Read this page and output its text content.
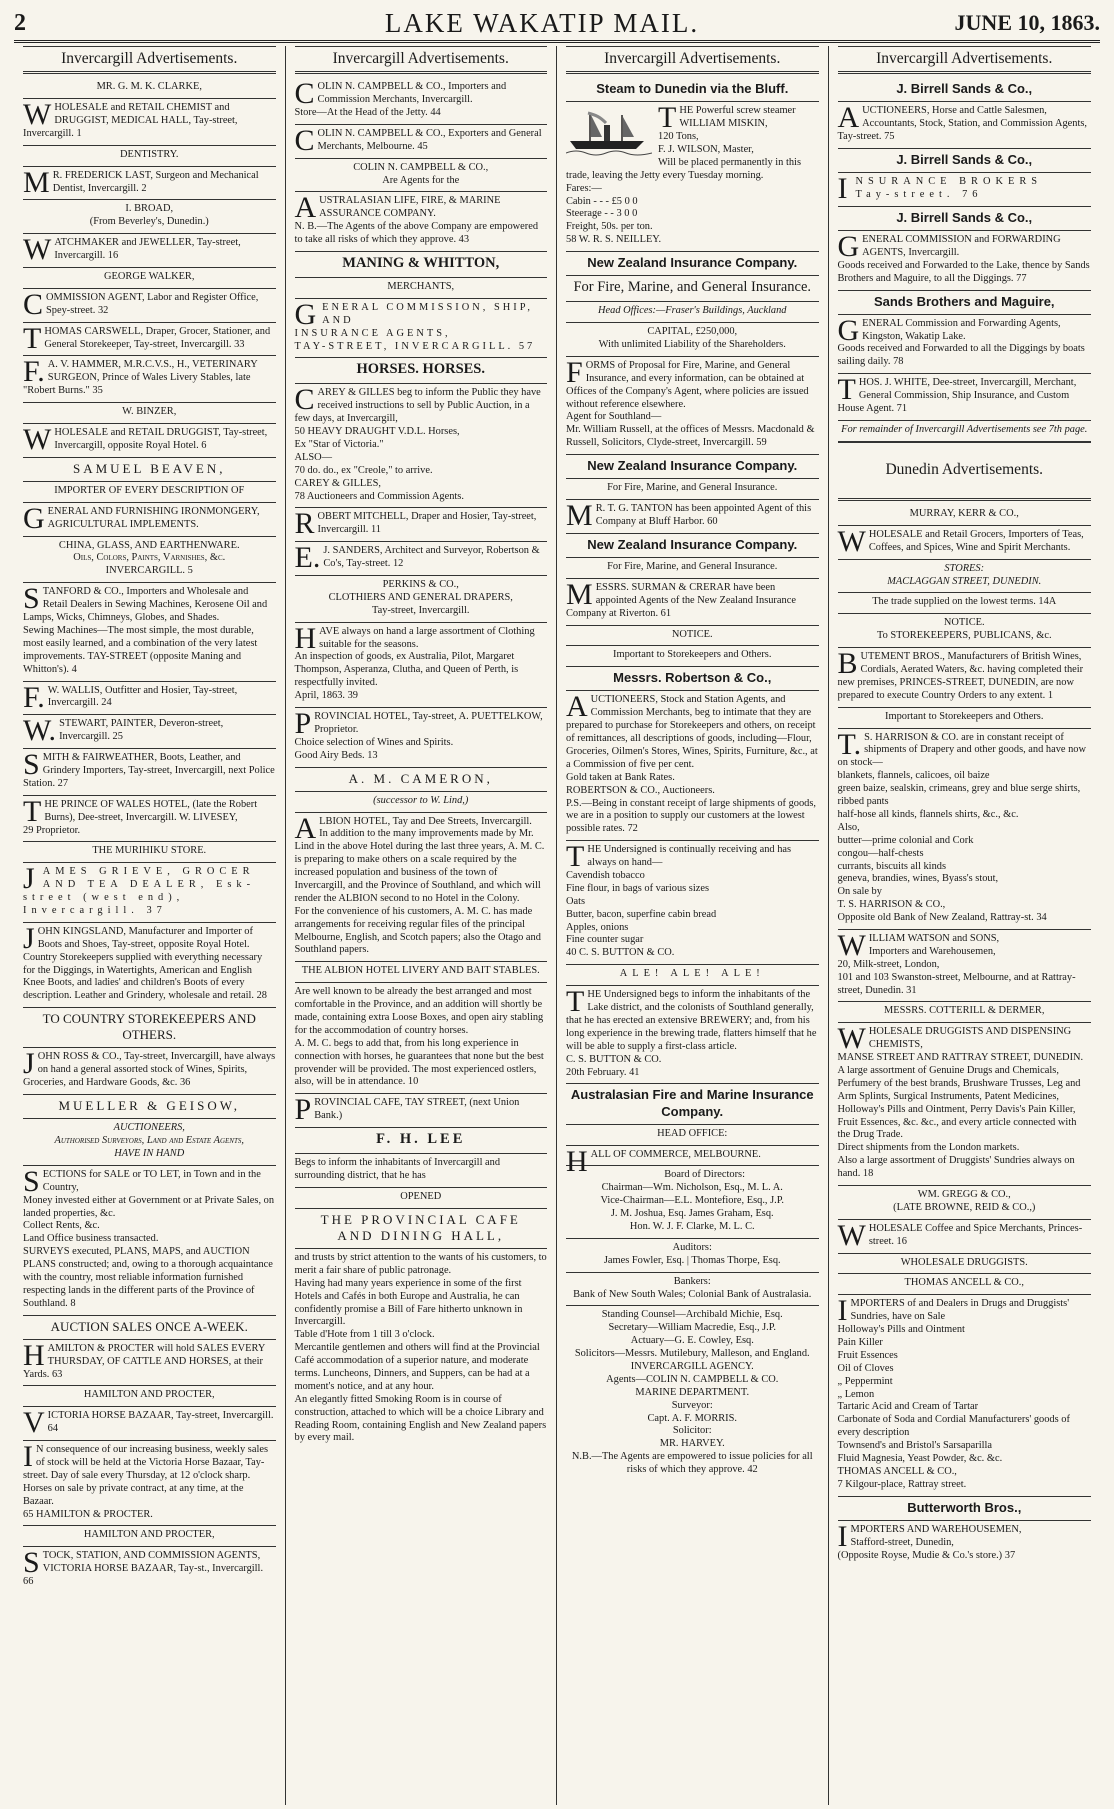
2	LAKE WAKATIP MAIL.	JUNE 10, 1863.
Invercargill Advertisements.

MR. G. M. K. CLARKE,

WHOLESALE and RETAIL CHEMIST and DRUGGIST, MEDICAL HALL, Tay-street, Invercargill. 1

DENTISTRY.

MR. FREDERICK LAST, Surgeon and Mechanical Dentist, Invercargill. 2

I. BROAD,
(From Beverley's, Dunedin.)

WATCHMAKER and JEWELLER, Tay-street, Invercargill. 16

GEORGE WALKER,

COMMISSION AGENT, Labor and Register Office, Spey-street. 32

THOMAS CARSWELL, Draper, Grocer, Stationer, and General Storekeeper, Tay-street, Invercargill. 33

F.A. V. HAMMER, M.R.C.V.S., H., VETERINARY SURGEON, Prince of Wales Livery Stables, late "Robert Burns." 35

W. BINZER,

WHOLESALE and RETAIL DRUGGIST, Tay-street, Invercargill, opposite Royal Hotel. 6

SAMUEL BEAVEN,

IMPORTER OF EVERY DESCRIPTION OF

GENERAL AND FURNISHING IRONMONGERY, AGRICULTURAL IMPLEMENTS.

CHINA, GLASS, AND EARTHENWARE.
Oils, Colors, Paints, Varnishes, &c.
INVERCARGILL. 5

STANFORD & CO., Importers and Wholesale and Retail Dealers in Sewing Machines, Kerosene Oil and Lamps, Wicks, Chimneys, Globes, and Shades.
Sewing Machines—The most simple, the most durable, most easily learned, and a combination of the very latest improvements. TAY-STREET (opposite Maning and Whitton's). 4

F.W. WALLIS, Outfitter and Hosier, Tay-street, Invercargill. 24

W.STEWART, PAINTER, Deveron-street, Invercargill. 25

SMITH & FAIRWEATHER, Boots, Leather, and Grindery Importers, Tay-street, Invercargill, next Police Station. 27

THE PRINCE OF WALES HOTEL, (late the Robert Burns), Dee-street, Invercargill. W. LIVESEY,
29 Proprietor.

THE MURIHIKU STORE.

JAMES GRIEVE, GROCER AND TEA DEALER, Esk-street (west end), Invercargill. 37

JOHN KINGSLAND, Manufacturer and Importer of Boots and Shoes, Tay-street, opposite Royal Hotel.
Country Storekeepers supplied with everything necessary for the Diggings, in Watertights, American and English Knee Boots, and ladies' and children's Boots of every description. Leather and Grindery, wholesale and retail. 28

TO COUNTRY STOREKEEPERS AND OTHERS.

JOHN ROSS & CO., Tay-street, Invercargill, have always on hand a general assorted stock of Wines, Spirits, Groceries, and Hardware Goods, &c. 36

MUELLER & GEISOW,

AUCTIONEERS,
Authorised Surveyors, Land and Estate Agents,
HAVE IN HAND

SECTIONS for SALE or TO LET, in Town and in the Country,
Money invested either at Government or at Private Sales, on landed properties, &c.
Collect Rents, &c.
Land Office business transacted.
SURVEYS executed, PLANS, MAPS, and AUCTION PLANS constructed; and, owing to a thorough acquaintance with the country, most reliable information furnished respecting lands in the different parts of the Province of Southland. 8

AUCTION SALES ONCE A-WEEK.

HAMILTON & PROCTER will hold SALES EVERY THURSDAY, OF CATTLE AND HORSES, at their Yards. 63

HAMILTON AND PROCTER,

VICTORIA HORSE BAZAAR, Tay-street, Invercargill. 64

IN consequence of our increasing business, weekly sales of stock will be held at the Victoria Horse Bazaar, Tay-street. Day of sale every Thursday, at 12 o'clock sharp.
Horses on sale by private contract, at any time, at the Bazaar.
65 HAMILTON & PROCTER.

HAMILTON AND PROCTER,

STOCK, STATION, AND COMMISSION AGENTS,
VICTORIA HORSE BAZAAR, Tay-st., Invercargill. 66

Invercargill Advertisements.

COLIN N. CAMPBELL & CO., Importers and Commission Merchants, Invercargill.
Store—At the Head of the Jetty. 44

COLIN N. CAMPBELL & CO., Exporters and General Merchants, Melbourne. 45

COLIN N. CAMPBELL & CO.,
Are Agents for the

AUSTRALASIAN LIFE, FIRE, & MARINE ASSURANCE COMPANY.
N. B.—The Agents of the above Company are empowered to take all risks of which they approve. 43

MANING & WHITTON,

MERCHANTS,

GENERAL COMMISSION, SHIP,
AND
INSURANCE AGENTS,
TAY-STREET, INVERCARGILL. 57

HORSES. HORSES.

CAREY & GILLES beg to inform the Public they have received instructions to sell by Public Auction, in a few days, at Invercargill,
50 HEAVY DRAUGHT V.D.L. Horses,
Ex "Star of Victoria."
ALSO—
70 do. do., ex "Creole," to arrive.
CAREY & GILLES,
78 Auctioneers and Commission Agents.

ROBERT MITCHELL, Draper and Hosier, Tay-street, Invercargill. 11

E.J. SANDERS, Architect and Surveyor, Robertson & Co's, Tay-street. 12

PERKINS & CO.,
CLOTHIERS AND GENERAL DRAPERS,
Tay-street, Invercargill.

HAVE always on hand a large assortment of Clothing suitable for the seasons.
An inspection of goods, ex Australia, Pilot, Margaret Thompson, Asperanza, Clutha, and Queen of Perth, is respectfully invited.
April, 1863. 39

PROVINCIAL HOTEL, Tay-street, A. PUETTELKOW, Proprietor.
Choice selection of Wines and Spirits.
Good Airy Beds. 13

A. M. CAMERON,

(successor to W. Lind,)

ALBION HOTEL, Tay and Dee Streets, Invercargill.
In addition to the many improvements made by Mr. Lind in the above Hotel during the last three years, A. M. C. is preparing to make others on a scale required by the increased population and business of the town of Invercargill, and the Province of Southland, and which will render the ALBION second to no Hotel in the Colony.
For the convenience of his customers, A. M. C. has made arrangements for receiving regular files of the principal Melbourne, English, and Scotch papers; also the Otago and Southland papers.

THE ALBION HOTEL LIVERY AND BAIT STABLES.

Are well known to be already the best arranged and most comfortable in the Province, and an addition will shortly be made, containing extra Loose Boxes, and open airy stabling for the accommodation of country horses.
A. M. C. begs to add that, from his long experience in connection with horses, he guarantees that none but the best provender will be provided. The most experienced ostlers, also, will be in attendance. 10

PROVINCIAL CAFE, TAY STREET, (next Union Bank.)

F. H. LEE

Begs to inform the inhabitants of Invercargill and surrounding district, that he has

OPENED

THE PROVINCIAL CAFE
AND DINING HALL,

and trusts by strict attention to the wants of his customers, to merit a fair share of public patronage.
Having had many years experience in some of the first Hotels and Cafés in both Europe and Australia, he can confidently promise a Bill of Fare hitherto unknown in Invercargill.
Table d'Hote from 1 till 3 o'clock.
Mercantile gentlemen and others will find at the Provincial Café accommodation of a superior nature, and moderate terms. Luncheons, Dinners, and Suppers, can be had at a moment's notice, and at any hour.
An elegantly fitted Smoking Room is in course of construction, attached to which will be a choice Library and Reading Room, containing English and New Zealand papers by every mail.

Invercargill Advertisements.

Steam to Dunedin via the Bluff.

THE Powerful screw steamer WILLIAM MISKIN,
120 Tons,
F. J. WILSON, Master,
Will be placed permanently in this trade, leaving the Jetty every Tuesday morning.
Fares:—
Cabin - - - £5 0 0
Steerage - - 3 0 0
Freight, 50s. per ton.
58 W. R. S. NEILLEY.

New Zealand Insurance Company.

For Fire, Marine, and General Insurance.

Head Offices:—Fraser's Buildings, Auckland

CAPITAL, £250,000,
With unlimited Liability of the Shareholders.

FORMS of Proposal for Fire, Marine, and General Insurance, and every information, can be obtained at Offices of the Company's Agent, where policies are issued without reference elsewhere.
Agent for Southland—
Mr. William Russell, at the offices of Messrs. Macdonald & Russell, Solicitors, Clyde-street, Invercargill. 59

New Zealand Insurance Company.

For Fire, Marine, and General Insurance.

MR. T. G. TANTON has been appointed Agent of this Company at Bluff Harbor. 60

New Zealand Insurance Company.

For Fire, Marine, and General Insurance.

MESSRS. SURMAN & CRERAR have been appointed Agents of the New Zealand Insurance Company at Riverton. 61

NOTICE.

Important to Storekeepers and Others.

Messrs. Robertson & Co.,

AUCTIONEERS, Stock and Station Agents, and Commission Merchants, beg to intimate that they are prepared to purchase for Storekeepers and others, on receipt of remittances, all descriptions of goods, including—Flour, Groceries, Oilmen's Stores, Wines, Spirits, Furniture, &c., at a Commission of five per cent.
Gold taken at Bank Rates.
ROBERTSON & CO., Auctioneers.
P.S.—Being in constant receipt of large shipments of goods, we are in a position to supply our customers at the lowest possible rates. 72

THE Undersigned is continually receiving and has always on hand—
Cavendish tobacco
Fine flour, in bags of various sizes
Oats
Butter, bacon, superfine cabin bread
Apples, onions
Fine counter sugar
40 C. S. BUTTON & CO.

ALE! ALE! ALE!

THE Undersigned begs to inform the inhabitants of the Lake district, and the colonists of Southland generally, that he has erected an extensive BREWERY; and, from his long experience in the brewing trade, flatters himself that he will be able to supply a first-class article.
C. S. BUTTON & CO.
20th February. 41

Australasian Fire and Marine Insurance Company.

HEAD OFFICE:

HALL OF COMMERCE, MELBOURNE.

Board of Directors:
Chairman—Wm. Nicholson, Esq., M. L. A.
Vice-Chairman—E.L. Montefiore, Esq., J.P.
J. M. Joshua, Esq. James Graham, Esq.
Hon. W. J. F. Clarke, M. L. C.

Auditors:
James Fowler, Esq. | Thomas Thorpe, Esq.

Bankers:
Bank of New South Wales; Colonial Bank of Australasia.

Standing Counsel—Archibald Michie, Esq.
Secretary—William Macredie, Esq., J.P.
Actuary—G. E. Cowley, Esq.
Solicitors—Messrs. Mutilebury, Malleson, and England.
INVERCARGILL AGENCY.
Agents—COLIN N. CAMPBELL & CO.
MARINE DEPARTMENT.
Surveyor:
Capt. A. F. MORRIS.
Solicitor:
MR. HARVEY.
N.B.—The Agents are empowered to issue policies for all risks of which they approve. 42

Invercargill Advertisements.

J. Birrell Sands & Co.,

AUCTIONEERS, Horse and Cattle Salesmen, Accountants, Stock, Station, and Commission Agents, Tay-street. 75

J. Birrell Sands & Co.,

INSURANCE BROKERS
Tay-street. 76

J. Birrell Sands & Co.,

GENERAL COMMISSION and FORWARDING AGENTS, Invercargill.
Goods received and Forwarded to the Lake, thence by Sands Brothers and Maguire, to all the Diggings. 77

Sands Brothers and Maguire,

GENERAL Commission and Forwarding Agents, Kingston, Wakatip Lake.
Goods received and Forwarded to all the Diggings by boats sailing daily. 78

THOS. J. WHITE, Dee-street, Invercargill, Merchant, General Commission, Ship Insurance, and Custom House Agent. 71

For remainder of Invercargill Advertisements see 7th page.

Dunedin Advertisements.

MURRAY, KERR & CO.,

WHOLESALE and Retail Grocers, Importers of Teas, Coffees, and Spices, Wine and Spirit Merchants.

STORES:
MACLAGGAN STREET, DUNEDIN.

The trade supplied on the lowest terms. 14A

NOTICE.
To STOREKEEPERS, PUBLICANS, &c.

BUTEMENT BROS., Manufacturers of British Wines, Cordials, Aerated Waters, &c. having completed their new premises, PRINCES-STREET, DUNEDIN, are now prepared to execute Country Orders to any extent. 1

Important to Storekeepers and Others.

T.S. HARRISON & CO. are in constant receipt of shipments of Drapery and other goods, and have now on stock—
blankets, flannels, calicoes, oil baize
green baize, sealskin, crimeans, grey and blue serge shirts, ribbed pants
half-hose all kinds, flannels shirts, &c., &c.
Also,
butter—prime colonial and Cork
congou—half-chests
currants, biscuits all kinds
geneva, brandies, wines, Byass's stout,
On sale by
T. S. HARRISON & CO.,
Opposite old Bank of New Zealand, Rattray-st. 34

WILLIAM WATSON and SONS,
Importers and Warehousemen,
20, Milk-street, London,
101 and 103 Swanston-street, Melbourne, and at Rattray-street, Dunedin. 31

MESSRS. COTTERILL & DERMER,

WHOLESALE DRUGGISTS AND DISPENSING CHEMISTS,
MANSE STREET AND RATTRAY STREET, DUNEDIN.
A large assortment of Genuine Drugs and Chemicals, Perfumery of the best brands, Brushware Trusses, Leg and Arm Splints, Surgical Instruments, Patent Medicines, Holloway's Pills and Ointment, Perry Davis's Pain Killer, Fruit Essences, &c. &c., and every article connected with the Drug Trade.
Direct shipments from the London markets.
Also a large assortment of Druggists' Sundries always on hand. 18

WM. GREGG & CO.,
(LATE BROWNE, REID & CO.,)

WHOLESALE Coffee and Spice Merchants, Princes-street. 16

WHOLESALE DRUGGISTS.

THOMAS ANCELL & CO.,

IMPORTERS of and Dealers in Drugs and Druggists' Sundries, have on Sale
Holloway's Pills and Ointment
Pain Killer
Fruit Essences
Oil of Cloves
„ Peppermint
„ Lemon
Tartaric Acid and Cream of Tartar
Carbonate of Soda and Cordial Manufacturers' goods of every description
Townsend's and Bristol's Sarsaparilla
Fluid Magnesia, Yeast Powder, &c. &c.
THOMAS ANCELL & CO.,
7 Kilgour-place, Rattray street.

Butterworth Bros.,

IMPORTERS AND WAREHOUSEMEN,
Stafford-street, Dunedin,
(Opposite Royse, Mudie & Co.'s store.) 37
